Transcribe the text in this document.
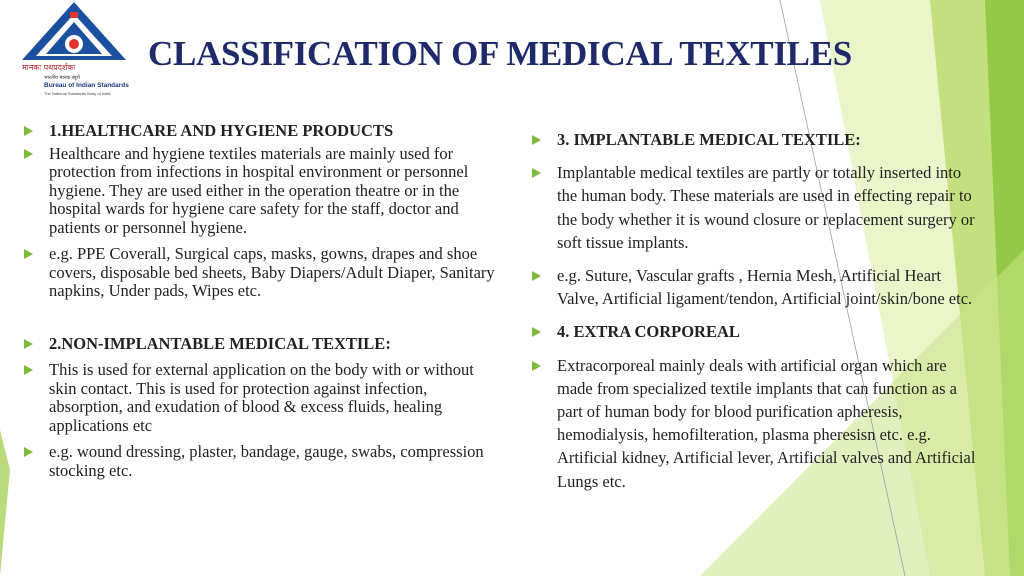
मानकः पथप्रदर्शकः
भारतीय मानक ब्यूरो
Bureau of Indian Standards
The National Standards Body of India
CLASSIFICATION OF MEDICAL TEXTILES
1.HEALTHCARE AND HYGIENE PRODUCTS
Healthcare and hygiene textiles materials are mainly used for protection from infections in hospital environment or personnel hygiene. They are used either in the operation theatre or in the hospital wards for hygiene care safety for the staff, doctor and patients or personnel hygiene.
e.g. PPE Coverall, Surgical caps, masks, gowns, drapes and shoe covers, disposable bed sheets, Baby Diapers/Adult Diaper, Sanitary napkins, Under pads, Wipes etc.
2.NON-IMPLANTABLE MEDICAL TEXTILE:
This is used for external application on the body with or without skin contact. This is used for protection against infection, absorption, and exudation of blood & excess fluids, healing applications etc
e.g. wound dressing, plaster, bandage, gauge, swabs, compression stocking etc.
3. IMPLANTABLE MEDICAL TEXTILE:
Implantable medical textiles are partly or totally inserted into the human body. These materials are used in effecting repair to the body whether it is wound closure or replacement surgery or soft tissue implants.
e.g. Suture, Vascular grafts , Hernia Mesh, Artificial Heart Valve, Artificial ligament/tendon, Artificial joint/skin/bone etc.
4. EXTRA CORPOREAL
Extracorporeal mainly deals with artificial organ which are made from specialized textile implants that can function as a part of human body for blood purification apheresis, hemodialysis, hemofilteration, plasma pheresisn etc. e.g. Artificial kidney, Artificial lever, Artificial valves and Artificial Lungs etc.
